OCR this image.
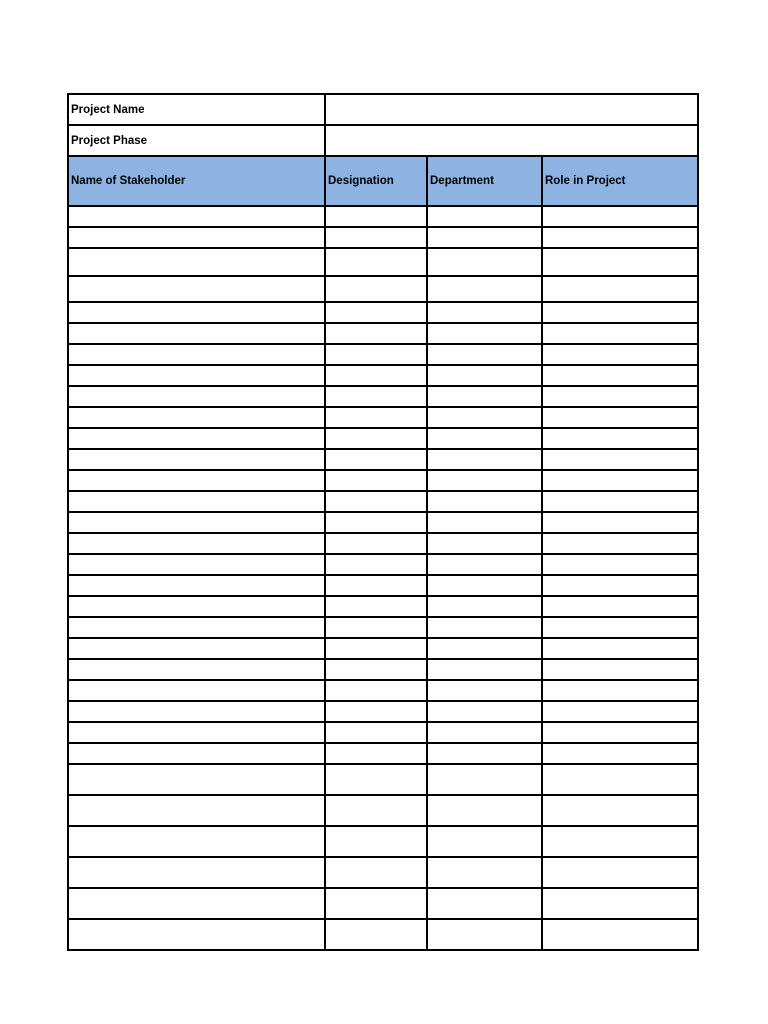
Project Name			
Project Phase			
Name of Stakeholder	Designation	Department	Role in Project
